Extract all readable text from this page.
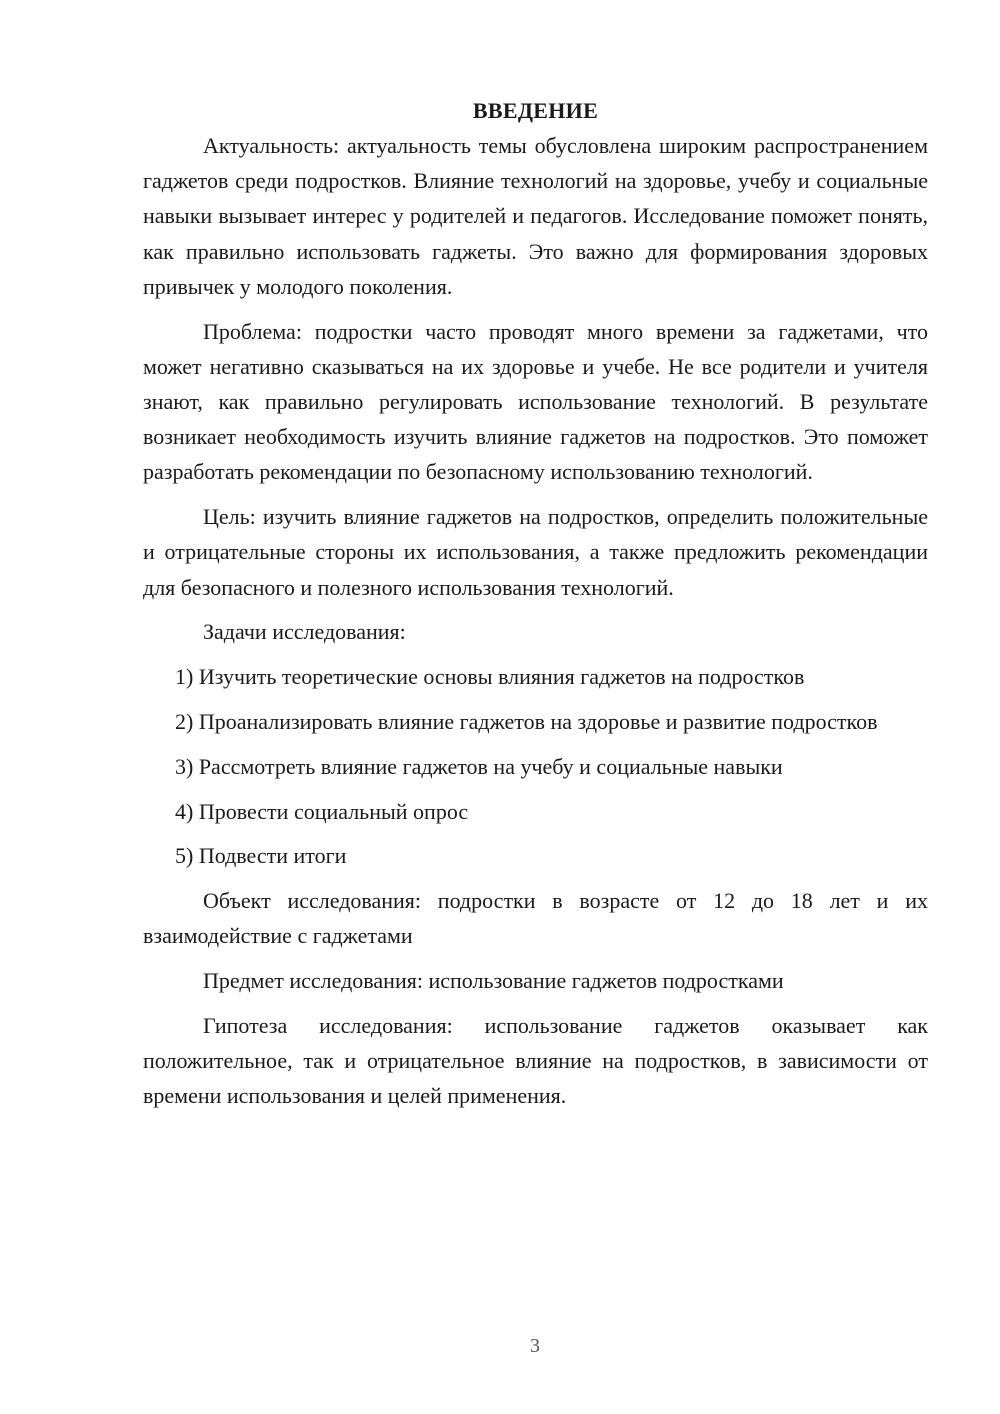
ВВЕДЕНИЕ

Актуальность: актуальность темы обусловлена широким распространением гаджетов среди подростков. Влияние технологий на здоровье, учебу и социальные навыки вызывает интерес у родителей и педагогов. Исследование поможет понять, как правильно использовать гаджеты. Это важно для формирования здоровых привычек у молодого поколения.

Проблема: подростки часто проводят много времени за гаджетами, что может негативно сказываться на их здоровье и учебе. Не все родители и учителя знают, как правильно регулировать использование технологий. В результате возникает необходимость изучить влияние гаджетов на подростков. Это поможет разработать рекомендации по безопасному использованию технологий.

Цель: изучить влияние гаджетов на подростков, определить положительные и отрицательные стороны их использования, а также предложить рекомендации для безопасного и полезного использования технологий.

Задачи исследования:

1) Изучить теоретические основы влияния гаджетов на подростков

2) Проанализировать влияние гаджетов на здоровье и развитие подростков

3) Рассмотреть влияние гаджетов на учебу и социальные навыки

4) Провести социальный опрос

5) Подвести итоги

Объект исследования: подростки в возрасте от 12 до 18 лет и их взаимодействие с гаджетами

Предмет исследования: использование гаджетов подростками

Гипотеза исследования: использование гаджетов оказывает как положительное, так и отрицательное влияние на подростков, в зависимости от времени использования и целей применения.

3
